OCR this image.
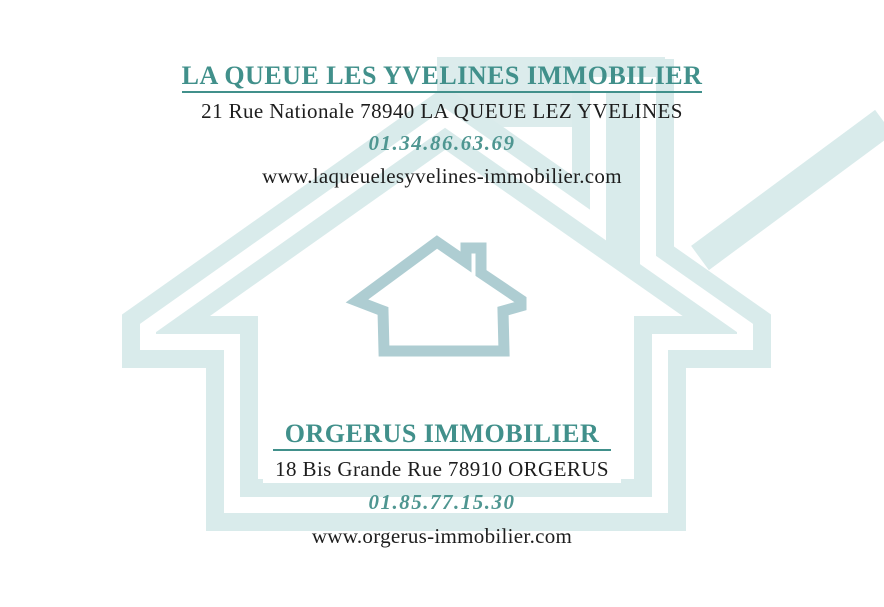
LA QUEUE LES YVELINES IMMOBILIER
21 Rue Nationale 78940 LA QUEUE LEZ YVELINES
01.34.86.63.69
www.laqueuelesyvelines-immobilier.com
ORGERUS IMMOBILIER
18 Bis Grande Rue 78910 ORGERUS
01.85.77.15.30
www.orgerus-immobilier.com
